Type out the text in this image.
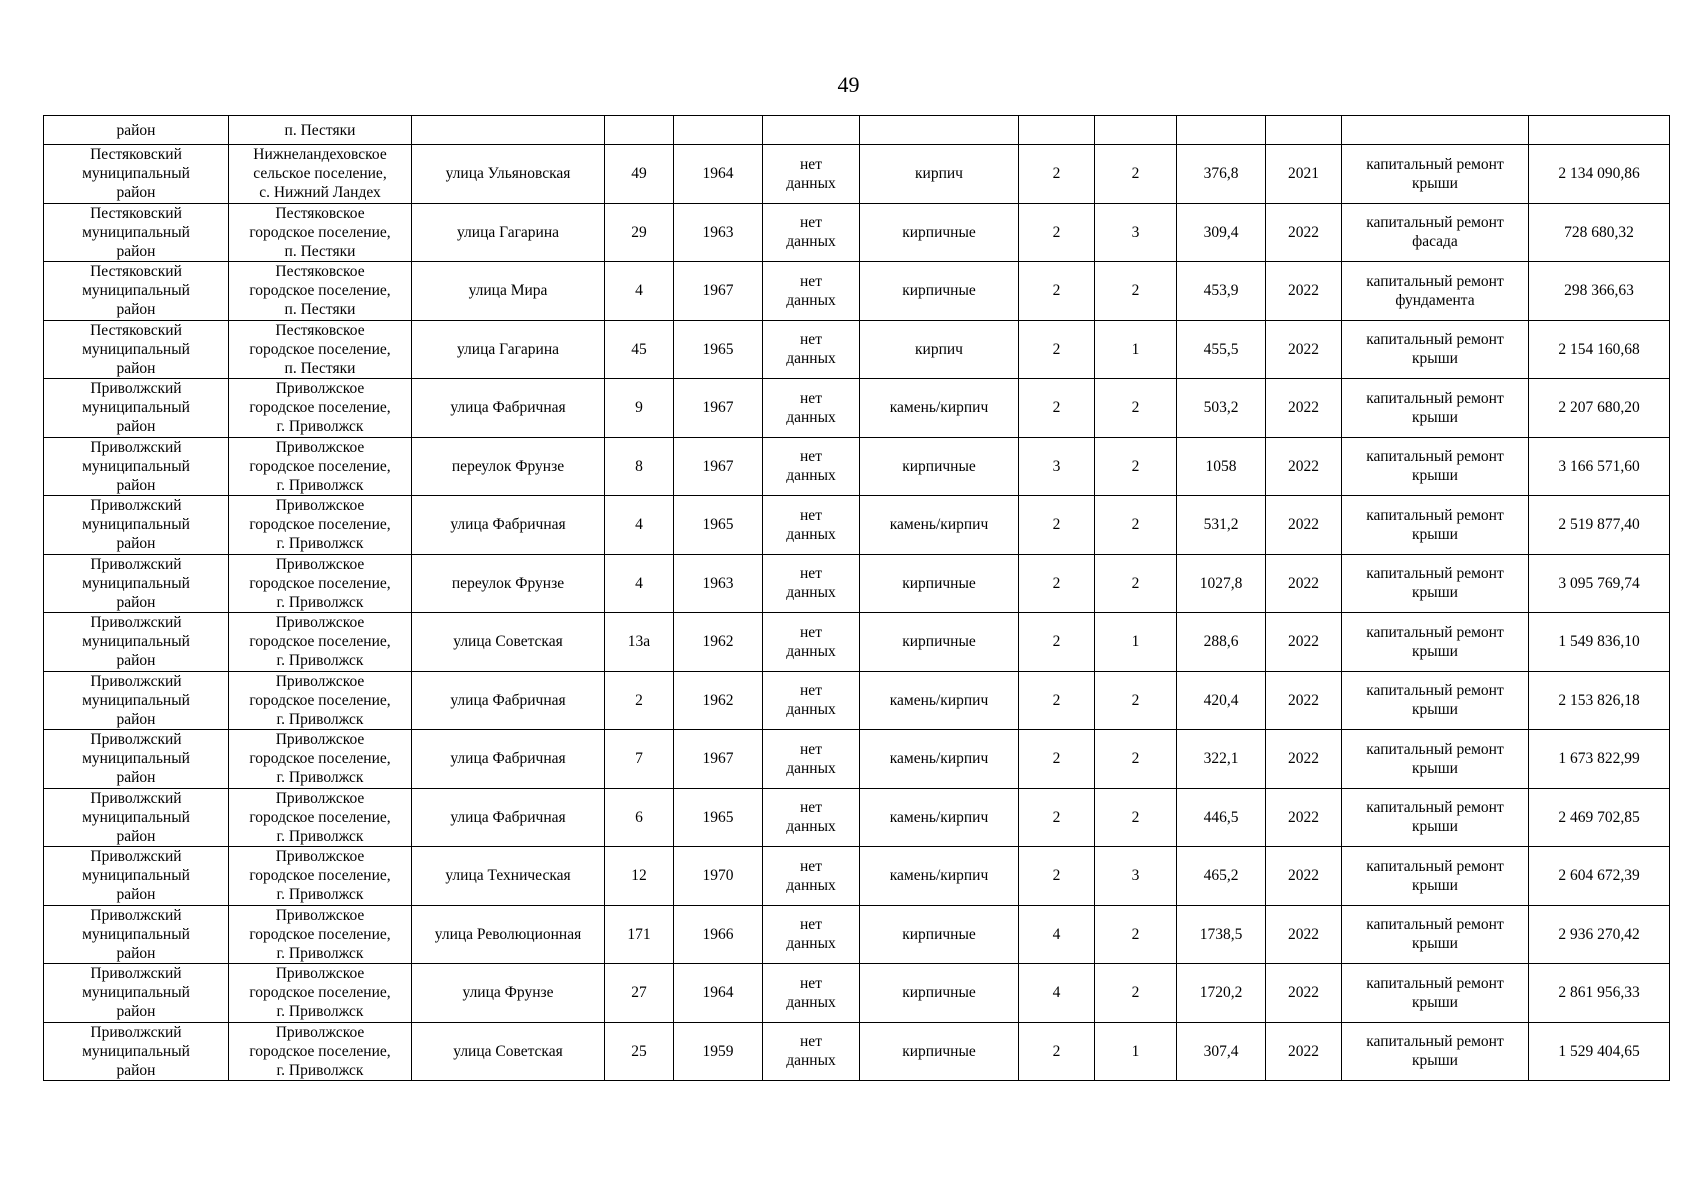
49
район	п. Пестяки											

Пестяковский
муниципальный
район	Нижнеландеховское
сельское поселение,
с. Нижний Ландех	улица Ульяновская	49	1964	нет
данных	кирпич	2	2	376,8	2021	капитальный ремонт
крыши	2 134 090,86

Пестяковский
муниципальный
район	Пестяковское
городское поселение,
п. Пестяки	улица Гагарина	29	1963	нет
данных	кирпичные	2	3	309,4	2022	капитальный ремонт
фасада	728 680,32

Пестяковский
муниципальный
район	Пестяковское
городское поселение,
п. Пестяки	улица Мира	4	1967	нет
данных	кирпичные	2	2	453,9	2022	капитальный ремонт
фундамента	298 366,63

Пестяковский
муниципальный
район	Пестяковское
городское поселение,
п. Пестяки	улица Гагарина	45	1965	нет
данных	кирпич	2	1	455,5	2022	капитальный ремонт
крыши	2 154 160,68

Приволжский
муниципальный
район	Приволжское
городское поселение,
г. Приволжск	улица Фабричная	9	1967	нет
данных	камень/кирпич	2	2	503,2	2022	капитальный ремонт
крыши	2 207 680,20

Приволжский
муниципальный
район	Приволжское
городское поселение,
г. Приволжск	переулок Фрунзе	8	1967	нет
данных	кирпичные	3	2	1058	2022	капитальный ремонт
крыши	3 166 571,60

Приволжский
муниципальный
район	Приволжское
городское поселение,
г. Приволжск	улица Фабричная	4	1965	нет
данных	камень/кирпич	2	2	531,2	2022	капитальный ремонт
крыши	2 519 877,40

Приволжский
муниципальный
район	Приволжское
городское поселение,
г. Приволжск	переулок Фрунзе	4	1963	нет
данных	кирпичные	2	2	1027,8	2022	капитальный ремонт
крыши	3 095 769,74

Приволжский
муниципальный
район	Приволжское
городское поселение,
г. Приволжск	улица Советская	13а	1962	нет
данных	кирпичные	2	1	288,6	2022	капитальный ремонт
крыши	1 549 836,10

Приволжский
муниципальный
район	Приволжское
городское поселение,
г. Приволжск	улица Фабричная	2	1962	нет
данных	камень/кирпич	2	2	420,4	2022	капитальный ремонт
крыши	2 153 826,18

Приволжский
муниципальный
район	Приволжское
городское поселение,
г. Приволжск	улица Фабричная	7	1967	нет
данных	камень/кирпич	2	2	322,1	2022	капитальный ремонт
крыши	1 673 822,99

Приволжский
муниципальный
район	Приволжское
городское поселение,
г. Приволжск	улица Фабричная	6	1965	нет
данных	камень/кирпич	2	2	446,5	2022	капитальный ремонт
крыши	2 469 702,85

Приволжский
муниципальный
район	Приволжское
городское поселение,
г. Приволжск	улица Техническая	12	1970	нет
данных	камень/кирпич	2	3	465,2	2022	капитальный ремонт
крыши	2 604 672,39

Приволжский
муниципальный
район	Приволжское
городское поселение,
г. Приволжск	улица Революционная	171	1966	нет
данных	кирпичные	4	2	1738,5	2022	капитальный ремонт
крыши	2 936 270,42

Приволжский
муниципальный
район	Приволжское
городское поселение,
г. Приволжск	улица Фрунзе	27	1964	нет
данных	кирпичные	4	2	1720,2	2022	капитальный ремонт
крыши	2 861 956,33

Приволжский
муниципальный
район	Приволжское
городское поселение,
г. Приволжск	улица Советская	25	1959	нет
данных	кирпичные	2	1	307,4	2022	капитальный ремонт
крыши	1 529 404,65
